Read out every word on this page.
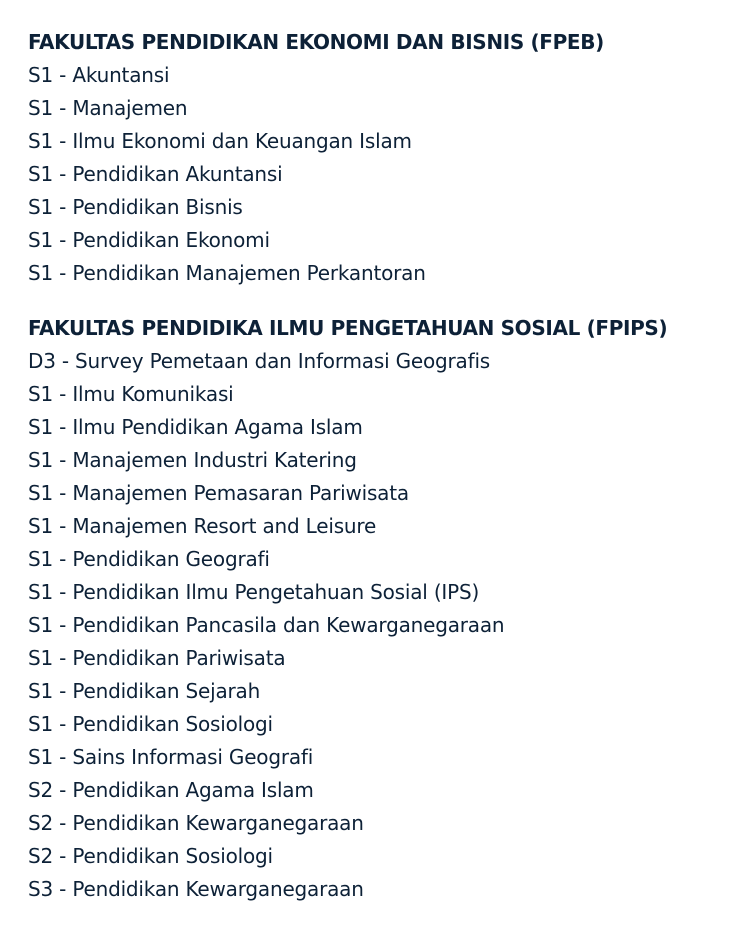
FAKULTAS PENDIDIKAN EKONOMI DAN BISNIS (FPEB)
S1 - Akuntansi
S1 - Manajemen
S1 - Ilmu Ekonomi dan Keuangan Islam
S1 - Pendidikan Akuntansi
S1 - Pendidikan Bisnis
S1 - Pendidikan Ekonomi
S1 - Pendidikan Manajemen Perkantoran
FAKULTAS PENDIDIKA ILMU PENGETAHUAN SOSIAL (FPIPS)
D3 - Survey Pemetaan dan Informasi Geografis
S1 - Ilmu Komunikasi
S1 - Ilmu Pendidikan Agama Islam
S1 - Manajemen Industri Katering
S1 - Manajemen Pemasaran Pariwisata
S1 - Manajemen Resort and Leisure
S1 - Pendidikan Geografi
S1 - Pendidikan Ilmu Pengetahuan Sosial (IPS)
S1 - Pendidikan Pancasila dan Kewarganegaraan
S1 - Pendidikan Pariwisata
S1 - Pendidikan Sejarah
S1 - Pendidikan Sosiologi
S1 - Sains Informasi Geografi
S2 - Pendidikan Agama Islam
S2 - Pendidikan Kewarganegaraan
S2 - Pendidikan Sosiologi
S3 - Pendidikan Kewarganegaraan
